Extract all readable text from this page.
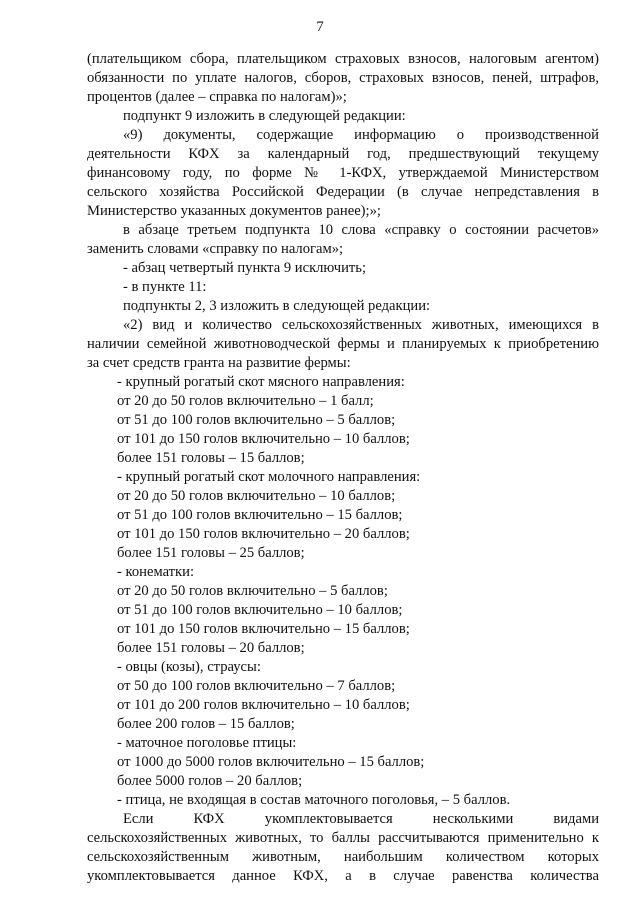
7
(плательщиком сбора, плательщиком страховых взносов, налоговым агентом)
обязанности по уплате налогов, сборов, страховых взносов, пеней, штрафов,
процентов (далее – справка по налогам)»;
подпункт 9 изложить в следующей редакции:
«9) документы, содержащие информацию о производственной
деятельности КФХ за календарный год, предшествующий текущему
финансовому году, по форме № 1-КФХ, утверждаемой Министерством
сельского хозяйства Российской Федерации (в случае непредставления в
Министерство указанных документов ранее);»;
в абзаце третьем подпункта 10 слова «справку о состоянии расчетов»
заменить словами «справку по налогам»;
- абзац четвертый пункта 9 исключить;
- в пункте 11:
подпункты 2, 3 изложить в следующей редакции:
«2) вид и количество сельскохозяйственных животных, имеющихся в
наличии семейной животноводческой фермы и планируемых к приобретению
за счет средств гранта на развитие фермы:
- крупный рогатый скот мясного направления:
от 20 до 50 голов включительно – 1 балл;
от 51 до 100 голов включительно – 5 баллов;
от 101 до 150 голов включительно – 10 баллов;
более 151 головы – 15 баллов;
- крупный рогатый скот молочного направления:
от 20 до 50 голов включительно – 10 баллов;
от 51 до 100 голов включительно – 15 баллов;
от 101 до 150 голов включительно – 20 баллов;
более 151 головы – 25 баллов;
- конематки:
от 20 до 50 голов включительно – 5 баллов;
от 51 до 100 голов включительно – 10 баллов;
от 101 до 150 голов включительно – 15 баллов;
более 151 головы – 20 баллов;
- овцы (козы), страусы:
от 50 до 100 голов включительно – 7 баллов;
от 101 до 200 голов включительно – 10 баллов;
более 200 голов – 15 баллов;
- маточное поголовье птицы:
от 1000 до 5000 голов включительно – 15 баллов;
более 5000 голов – 20 баллов;
- птица, не входящая в состав маточного поголовья, – 5 баллов.
Если КФХ укомплектовывается несколькими видами
сельскохозяйственных животных, то баллы рассчитываются применительно к
сельскохозяйственным животным, наибольшим количеством которых
укомплектовывается данное КФХ, а в случае равенства количества
